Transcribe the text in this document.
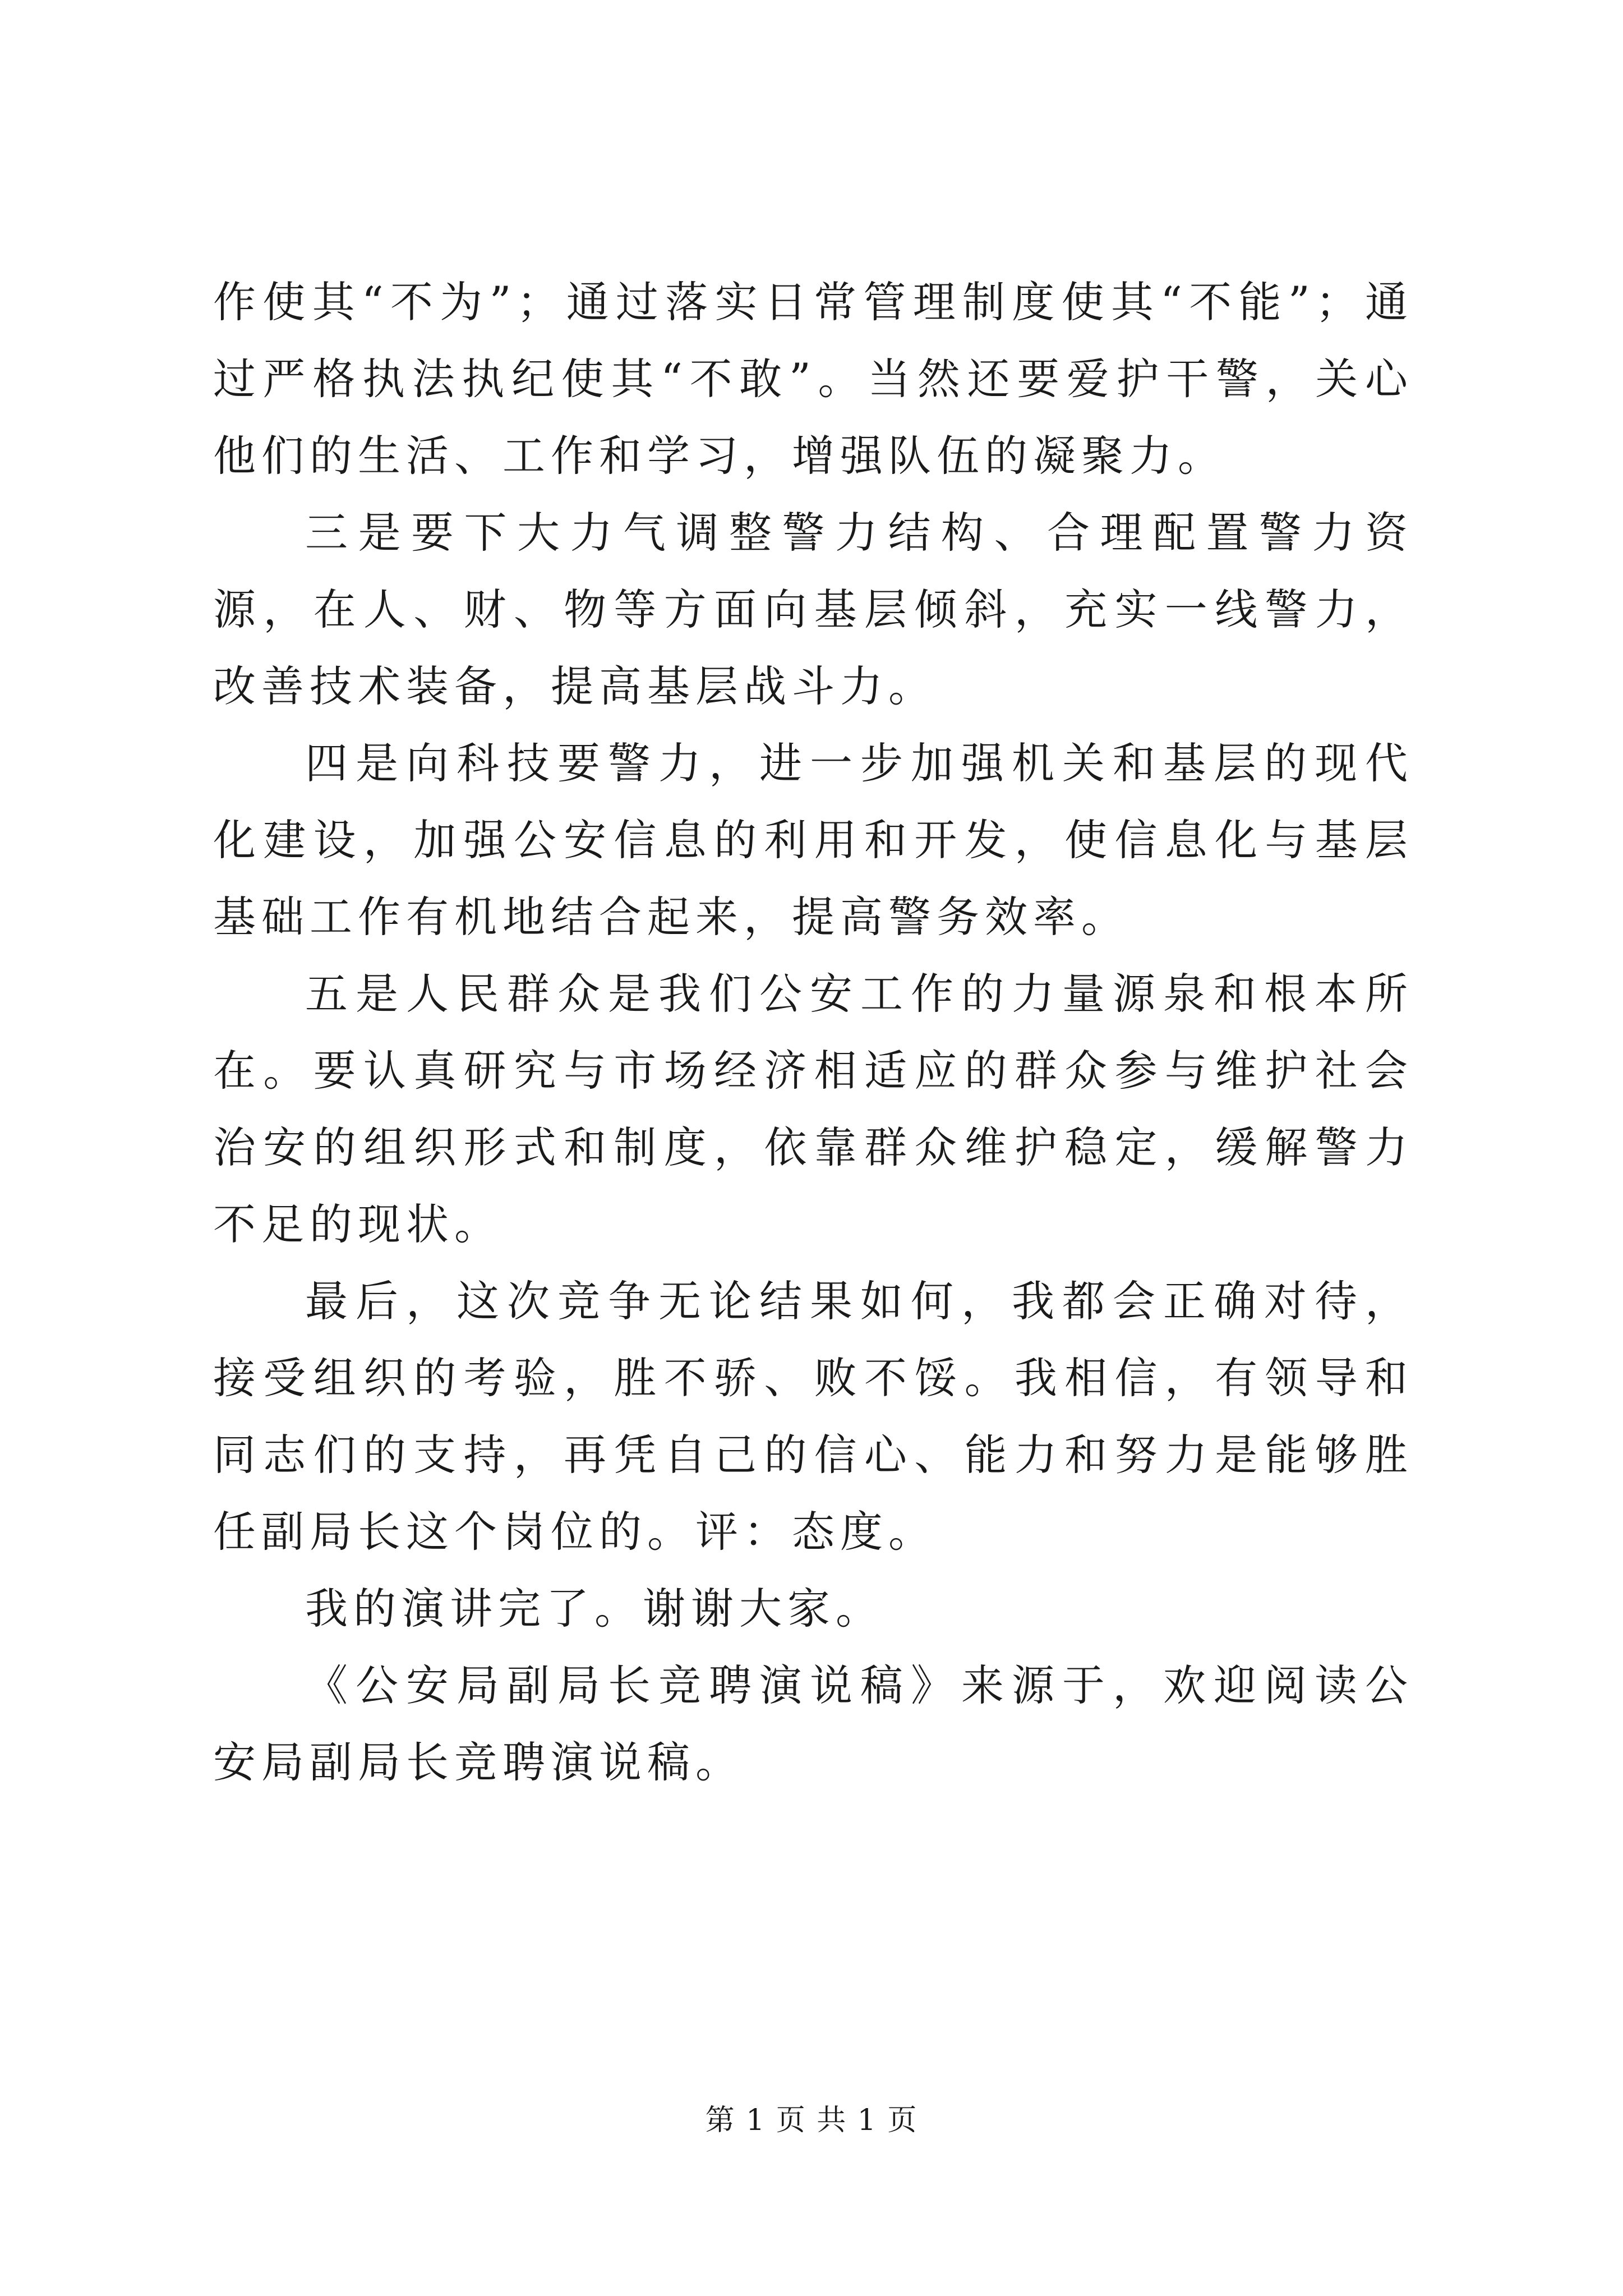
作使其“不为”；通过落实日常管理制度使其“不能”；通过严格执法执纪使其“不敢”。当然还要爱护干警，关心他们的生活、工作和学习，增强队伍的凝聚力。

三是要下大力气调整警力结构、合理配置警力资源，在人、财、物等方面向基层倾斜，充实一线警力，改善技术装备，提高基层战斗力。

四是向科技要警力，进一步加强机关和基层的现代化建设，加强公安信息的利用和开发，使信息化与基层基础工作有机地结合起来，提高警务效率。

五是人民群众是我们公安工作的力量源泉和根本所在。要认真研究与市场经济相适应的群众参与维护社会治安的组织形式和制度，依靠群众维护稳定，缓解警力不足的现状。

最后，这次竞争无论结果如何，我都会正确对待，接受组织的考验，胜不骄、败不馁。我相信，有领导和同志们的支持，再凭自己的信心、能力和努力是能够胜任副局长这个岗位的。评：态度。

我的演讲完了。谢谢大家。

《公安局副局长竞聘演说稿》来源于，欢迎阅读公安局副局长竞聘演说稿。

第 1 页 共 1 页
